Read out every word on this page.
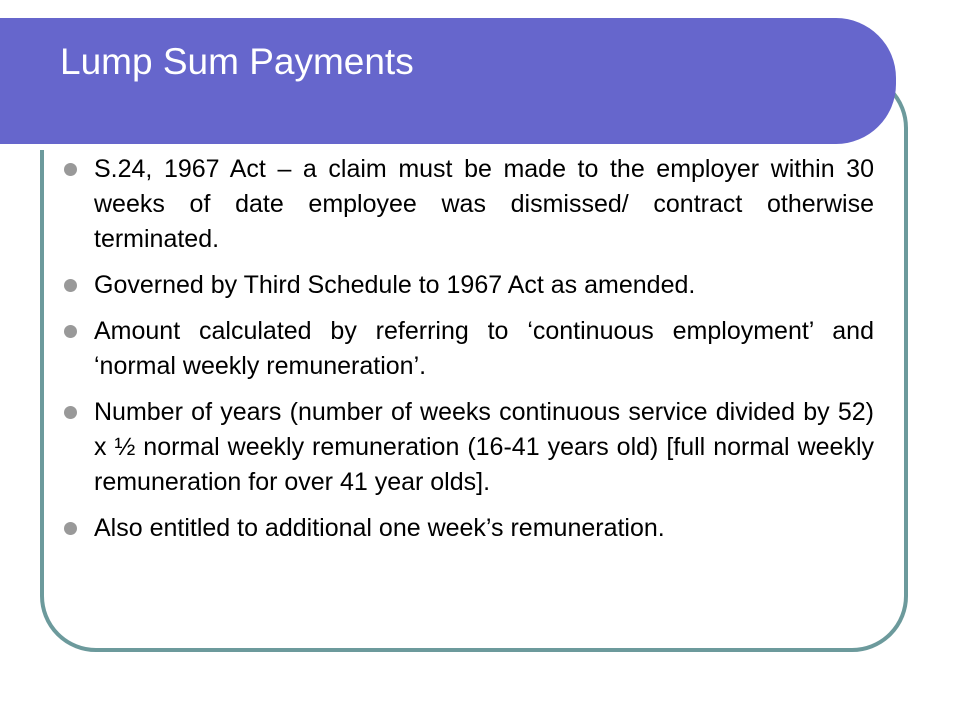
Lump Sum Payments
S.24, 1967 Act – a claim must be made to the employer within 30 weeks of date employee was dismissed/ contract otherwise terminated.
Governed by Third Schedule to 1967 Act as amended.
Amount calculated by referring to ‘continuous employment’ and ‘normal weekly remuneration’.
Number of years (number of weeks continuous service divided by 52) x ½ normal weekly remuneration (16-41 years old) [full normal weekly remuneration for over 41 year olds].
Also entitled to additional one week’s remuneration.
